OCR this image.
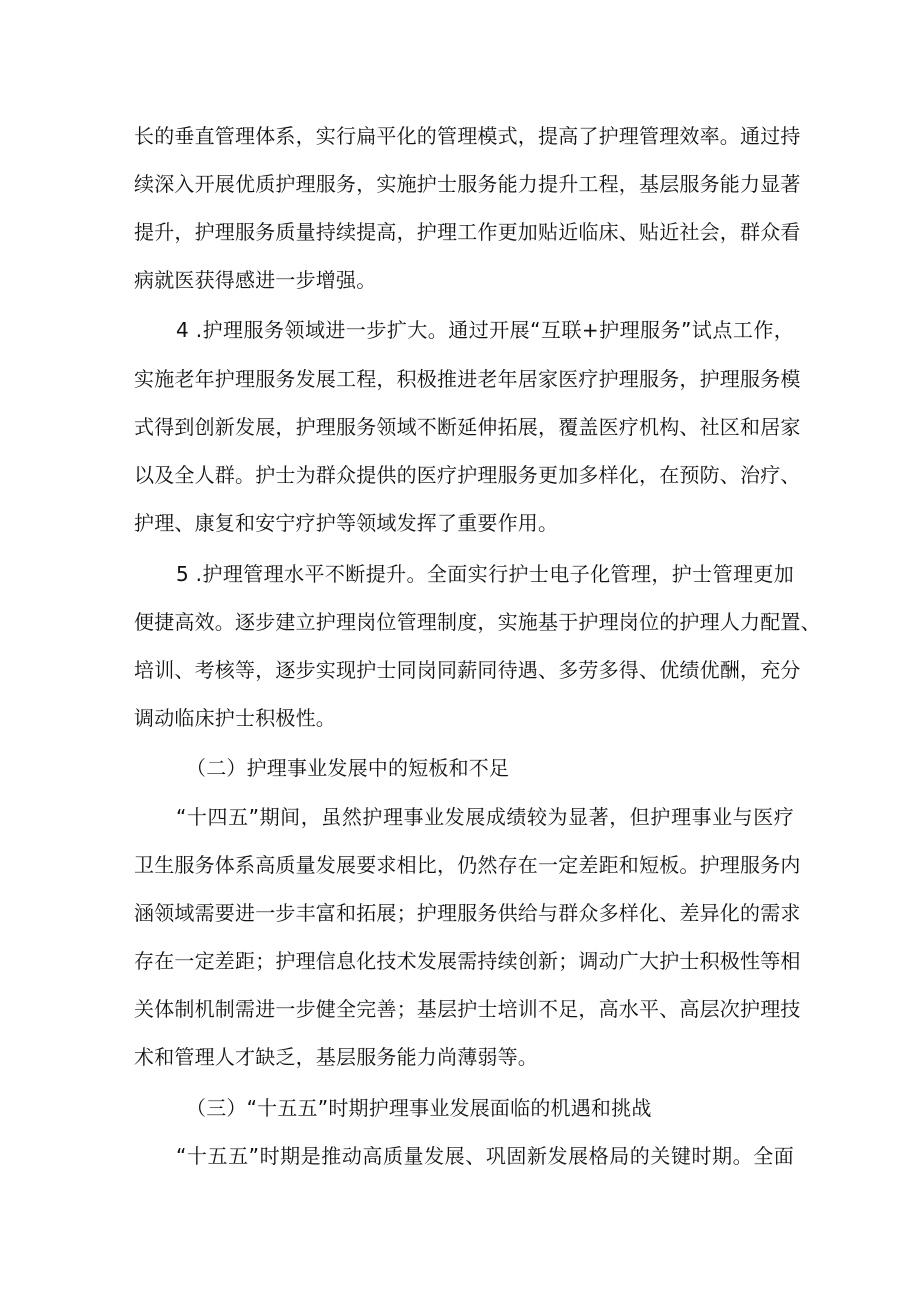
长的垂直管理体系，实行扁平化的管理模式，提高了护理管理效率。通过持
续深入开展优质护理服务，实施护士服务能力提升工程，基层服务能力显著
提升，护理服务质量持续提高，护理工作更加贴近临床、贴近社会，群众看
病就医获得感进一步增强。
4 .护理服务领域进一步扩大。通过开展“互联+护理服务”试点工作，
实施老年护理服务发展工程，积极推进老年居家医疗护理服务，护理服务模
式得到创新发展，护理服务领域不断延伸拓展，覆盖医疗机构、社区和居家
以及全人群。护士为群众提供的医疗护理服务更加多样化，在预防、治疗、
护理、康复和安宁疗护等领域发挥了重要作用。
5 .护理管理水平不断提升。全面实行护士电子化管理，护士管理更加
便捷高效。逐步建立护理岗位管理制度，实施基于护理岗位的护理人力配置、
培训、考核等，逐步实现护士同岗同薪同待遇、多劳多得、优绩优酬，充分
调动临床护士积极性。
（二）护理事业发展中的短板和不足
“十四五”期间，虽然护理事业发展成绩较为显著，但护理事业与医疗
卫生服务体系高质量发展要求相比，仍然存在一定差距和短板。护理服务内
涵领域需要进一步丰富和拓展；护理服务供给与群众多样化、差异化的需求
存在一定差距；护理信息化技术发展需持续创新；调动广大护士积极性等相
关体制机制需进一步健全完善；基层护士培训不足，高水平、高层次护理技
术和管理人才缺乏，基层服务能力尚薄弱等。
（三）“十五五”时期护理事业发展面临的机遇和挑战
“十五五”时期是推动高质量发展、巩固新发展格局的关键时期。全面
